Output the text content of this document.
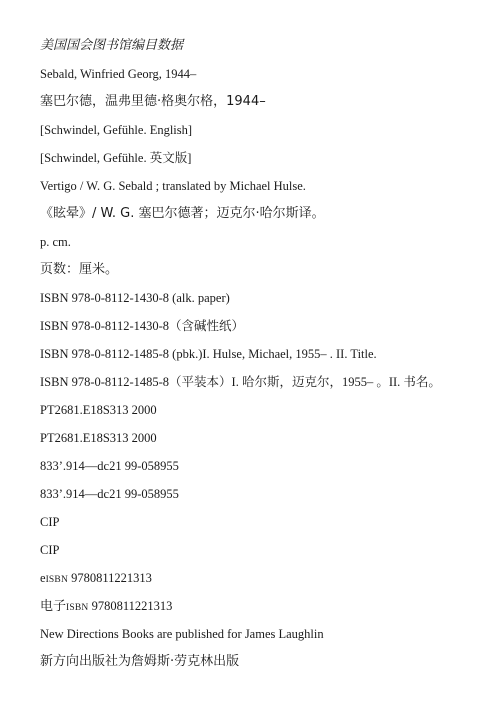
美国国会图书馆编目数据
Sebald, Winfried Georg, 1944–
塞巴尔德，温弗里德·格奥尔格，1944–
[Schwindel, Gefühle. English]
[Schwindel, Gefühle. 英文版]
Vertigo / W. G. Sebald ; translated by Michael Hulse.
《眩晕》/ W. G. 塞巴尔德著；迈克尔·哈尔斯译。
p. cm.
页数：厘米。
ISBN 978-0-8112-1430-8 (alk. paper)
ISBN 978-0-8112-1430-8（含碱性纸）
ISBN 978-0-8112-1485-8 (pbk.)I. Hulse, Michael, 1955– . II. Title.
ISBN 978-0-8112-1485-8（平装本）I. 哈尔斯，迈克尔，1955– 。II. 书名。
PT2681.E18S313 2000
PT2681.E18S313 2000
833’.914—dc21 99-058955
833’.914—dc21 99-058955
CIP
CIP
eISBN 9780811221313
电子ISBN 9780811221313
New Directions Books are published for James Laughlin
新方向出版社为詹姆斯·劳克林出版
